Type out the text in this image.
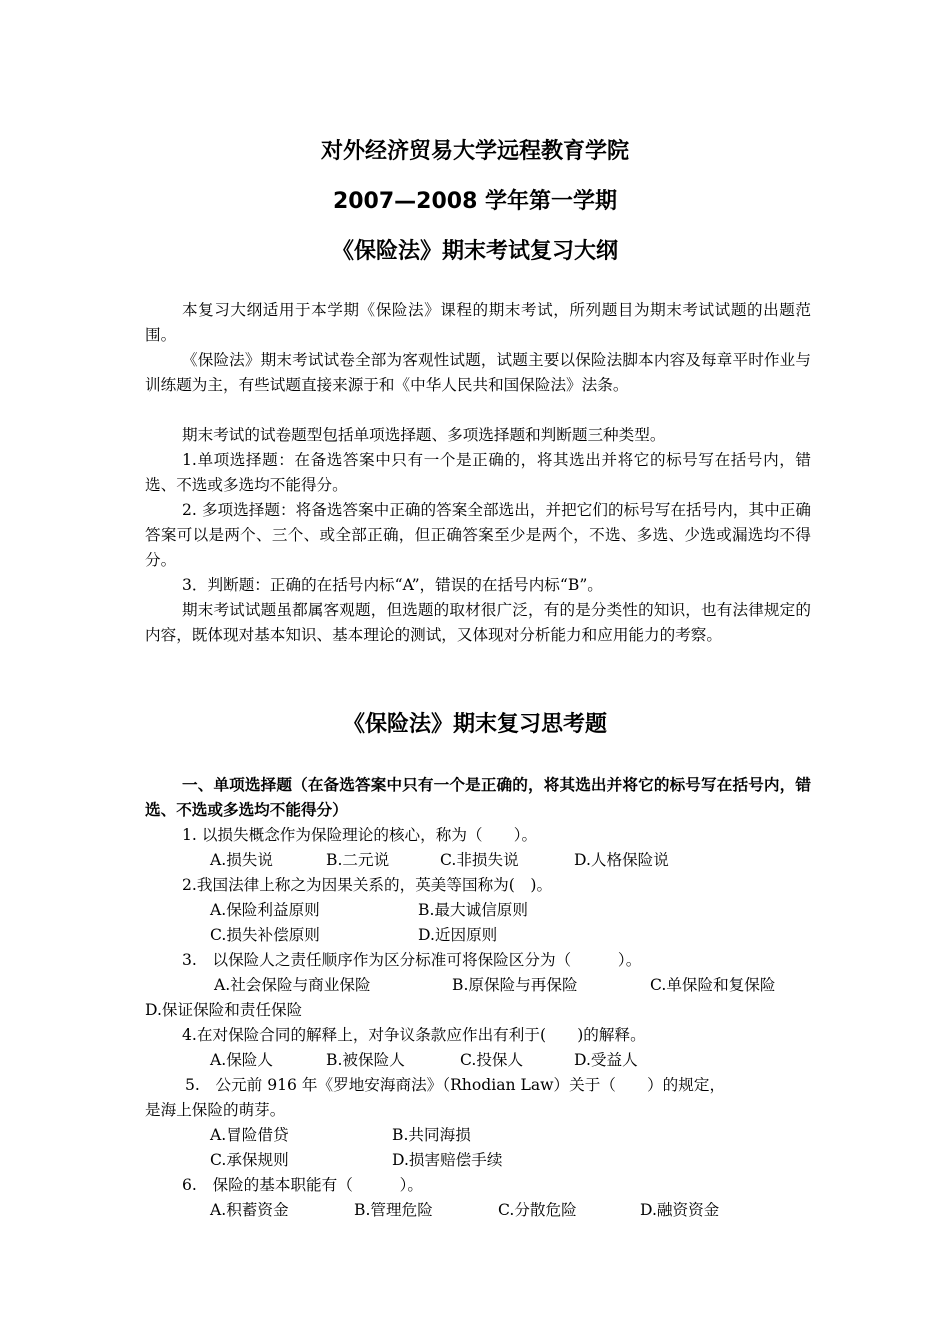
对外经济贸易大学远程教育学院
2007—2008 学年第一学期
《保险法》期末考试复习大纲
本复习大纲适用于本学期《保险法》课程的期末考试，所列题目为期末考试试题的出题范围。
《保险法》期末考试试卷全部为客观性试题，试题主要以保险法脚本内容及每章平时作业与训练题为主，有些试题直接来源于和《中华人民共和国保险法》法条。
期末考试的试卷题型包括单项选择题、多项选择题和判断题三种类型。
1.单项选择题：在备选答案中只有一个是正确的，将其选出并将它的标号写在括号内，错选、不选或多选均不能得分。
2. 多项选择题：将备选答案中正确的答案全部选出，并把它们的标号写在括号内，其中正确答案可以是两个、三个、或全部正确，但正确答案至少是两个，不选、多选、少选或漏选均不得分。
3．判断题：正确的在括号内标“A”，错误的在括号内标“B”。
期末考试试题虽都属客观题，但选题的取材很广泛，有的是分类性的知识，也有法律规定的内容，既体现对基本知识、基本理论的测试，又体现对分析能力和应用能力的考察。
《保险法》期末复习思考题
一、单项选择题（在备选答案中只有一个是正确的，将其选出并将它的标号写在括号内，错选、不选或多选均不能得分）
1. 以损失概念作为保险理论的核心，称为（　　）。
A.损失说	B.二元说	C.非损失说	D.人格保险说
2.我国法律上称之为因果关系的，英美等国称为(　)。
A.保险利益原则	B.最大诚信原则
C.损失补偿原则	D.近因原则
3.　以保险人之责任顺序作为区分标准可将保险区分为（　　　）。
A.社会保险与商业保险	B.原保险与再保险	C.单保险和复保险
D.保证保险和责任保险
4.在对保险合同的解释上，对争议条款应作出有利于(　　)的解释。
A.保险人	B.被保险人	C.投保人	D.受益人
5.　公元前 916 年《罗地安海商法》（Rhodian Law）关于（　　）的规定，
是海上保险的萌芽。
A.冒险借贷	B.共同海损
C.承保规则	D.损害赔偿手续
6.　保险的基本职能有（　　　）。
A.积蓄资金	B.管理危险	C.分散危险	D.融资资金
